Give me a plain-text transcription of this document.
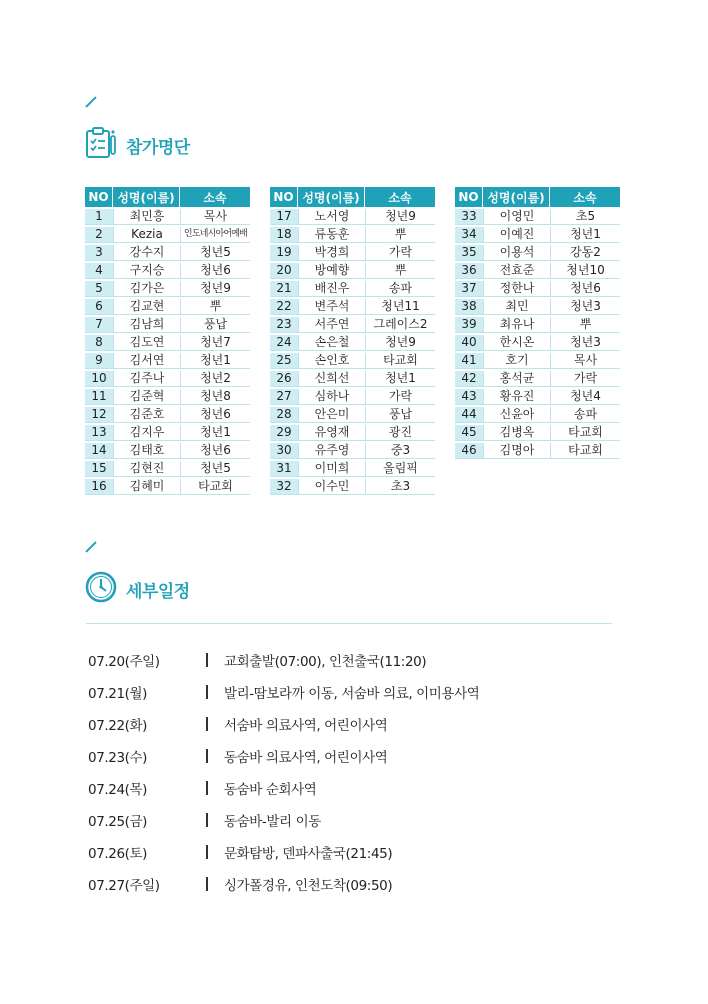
참가명단
NO	성명(이름)	소속
1	최민흥	목사
2	Kezia	인도네시아어예배
3	강수지	청년5
4	구지승	청년6
5	김가은	청년9
6	김교현	뿌
7	김남희	풍납
8	김도연	청년7
9	김서연	청년1
10	김주나	청년2
11	김준혁	청년8
12	김준호	청년6
13	김지우	청년1
14	김태호	청년6
15	김현진	청년5
16	김혜미	타교회
NO	성명(이름)	소속
17	노서영	청년9
18	류동훈	뿌
19	박경희	가락
20	방예향	뿌
21	배진우	송파
22	변주석	청년11
23	서주연	그레이스2
24	손은철	청년9
25	손인호	타교회
26	신희선	청년1
27	심하나	가락
28	안은미	풍납
29	유영재	광진
30	유주영	중3
31	이미희	올림픽
32	이수민	초3
NO	성명(이름)	소속
33	이영민	초5
34	이예진	청년1
35	이용석	강동2
36	전효준	청년10
37	정한나	청년6
38	최민	청년3
39	최유나	뿌
40	한시온	청년3
41	호기	목사
42	홍석균	가락
43	황유진	청년4
44	신윤아	송파
45	김병옥	타교회
46	김명아	타교회
세부일정
07.20(주일)	교회출발(07:00), 인천출국(11:20)
07.21(월)	발리-땀보라까 이동, 서숨바 의료, 이미용사역
07.22(화)	서숨바 의료사역, 어린이사역
07.23(수)	동숨바 의료사역, 어린이사역
07.24(목)	동숨바 순회사역
07.25(금)	동숨바-발리 이동
07.26(토)	문화탐방, 덴파사출국(21:45)
07.27(주일)	싱가폴경유, 인천도착(09:50)
